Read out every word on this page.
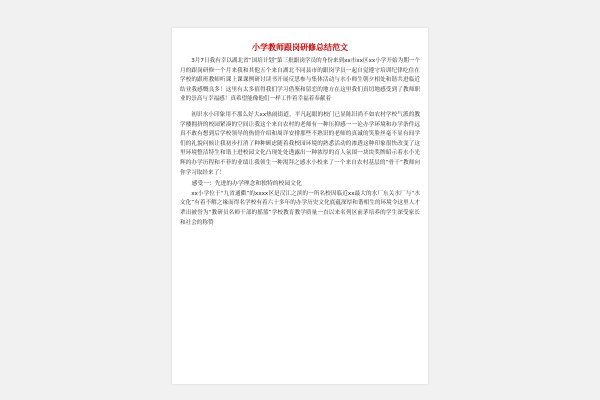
小学教师跟岗研修总结范文

3月7日我有幸以湖北省“国培计划”第三批跟岗学员的身份来到xx市xx区xx小学开始为期一个月的跟岗研修一个月来我和其他五个来自湖北不同县市的跟岗学员一起自觉遵守培训纪律吃住在学校的跟班教师听课上课课例研讨读书开展反思参与集体活动与水小师生朝夕相处和谐共进临近结业我感慨良多！这里有太多值得我们学习借鉴和留恋的地方在这里我们真切地感受到了教师职业的崇高与幸福感！真希望能像他们一样工作着幸福着奉献着

初识水小印象用不那么好大xx热闹街道，平凡起眼的校门已显陈旧尚不如农村学校气派的教学楼拥挤的校园紧凑的空间让我这个来自农村的老师有一种压抑感一一论办学环境和办学条件远真不敢有想到后学校领导的热情介绍和周详安排那些不熟识的老师的真诚的笑脸丝毫不显有间学们的礼貌问候让我初步打消了种种顾虑随着我校园环境的熟悉活动的渗透这种印象很快改变了这里环境整洁特生和谐上进校园文化凸现处处透露出一种浓厚的育人氛围一块块奖牌昭示着水小光辉的办学历程和不菲的业绩让我领生一种渴拜之感水小校来了一个来自农村基层的“骨干”教师向你学习取经来了！

感受一：先进的办学理念和独特的校园文化

xx小学位于“九省通衢”的xxxx区是汉江之滨的一所名校因临近xx最大的水厂东关水厂与“水文化”有着不解之缘而得名学校有着六十多年的办学历史文化底蕴深厚和谐相生的环境令这里人才辈出被誉为“教研员名师干部的摇篮”学校教育教学质量一直以来名列区前茅培养的学生深受家长和社会的称赞
